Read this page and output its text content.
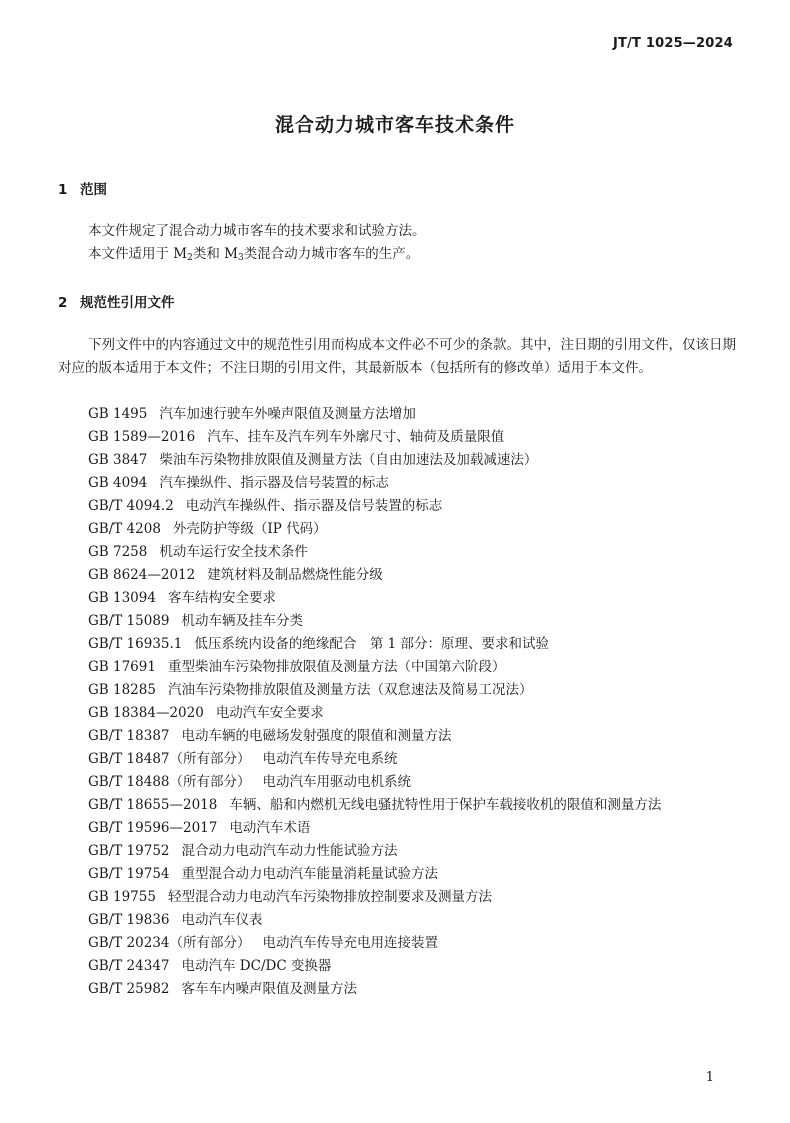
JT/T 1025—2024
混合动力城市客车技术条件
1 范围
本文件规定了混合动力城市客车的技术要求和试验方法。
本文件适用于 $M_2$类和 $M_3$类混合动力城市客车的生产。
2 规范性引用文件
下列文件中的内容通过文中的规范性引用而构成本文件必不可少的条款。其中，注日期的引用文件，仅该日期对应的版本适用于本文件；不注日期的引用文件，其最新版本（包括所有的修改单）适用于本文件。
GB 1495 汽车加速行驶车外噪声限值及测量方法增加
GB 1589—2016 汽车、挂车及汽车列车外廓尺寸、轴荷及质量限值
GB 3847 柴油车污染物排放限值及测量方法（自由加速法及加载减速法）
GB 4094 汽车操纵件、指示器及信号装置的标志
GB/T 4094.2 电动汽车操纵件、指示器及信号装置的标志
GB/T 4208 外壳防护等级（IP 代码）
GB 7258 机动车运行安全技术条件
GB 8624—2012 建筑材料及制品燃烧性能分级
GB 13094 客车结构安全要求
GB/T 15089 机动车辆及挂车分类
GB/T 16935.1 低压系统内设备的绝缘配合　第 1 部分：原理、要求和试验
GB 17691 重型柴油车污染物排放限值及测量方法（中国第六阶段）
GB 18285 汽油车污染物排放限值及测量方法（双怠速法及简易工况法）
GB 18384—2020 电动汽车安全要求
GB/T 18387 电动车辆的电磁场发射强度的限值和测量方法
GB/T 18487（所有部分） 电动汽车传导充电系统
GB/T 18488（所有部分） 电动汽车用驱动电机系统
GB/T 18655—2018 车辆、船和内燃机无线电骚扰特性用于保护车载接收机的限值和测量方法
GB/T 19596—2017 电动汽车术语
GB/T 19752 混合动力电动汽车动力性能试验方法
GB/T 19754 重型混合动力电动汽车能量消耗量试验方法
GB 19755 轻型混合动力电动汽车污染物排放控制要求及测量方法
GB/T 19836 电动汽车仪表
GB/T 20234（所有部分） 电动汽车传导充电用连接装置
GB/T 24347 电动汽车 DC/DC 变换器
GB/T 25982 客车车内噪声限值及测量方法
1
